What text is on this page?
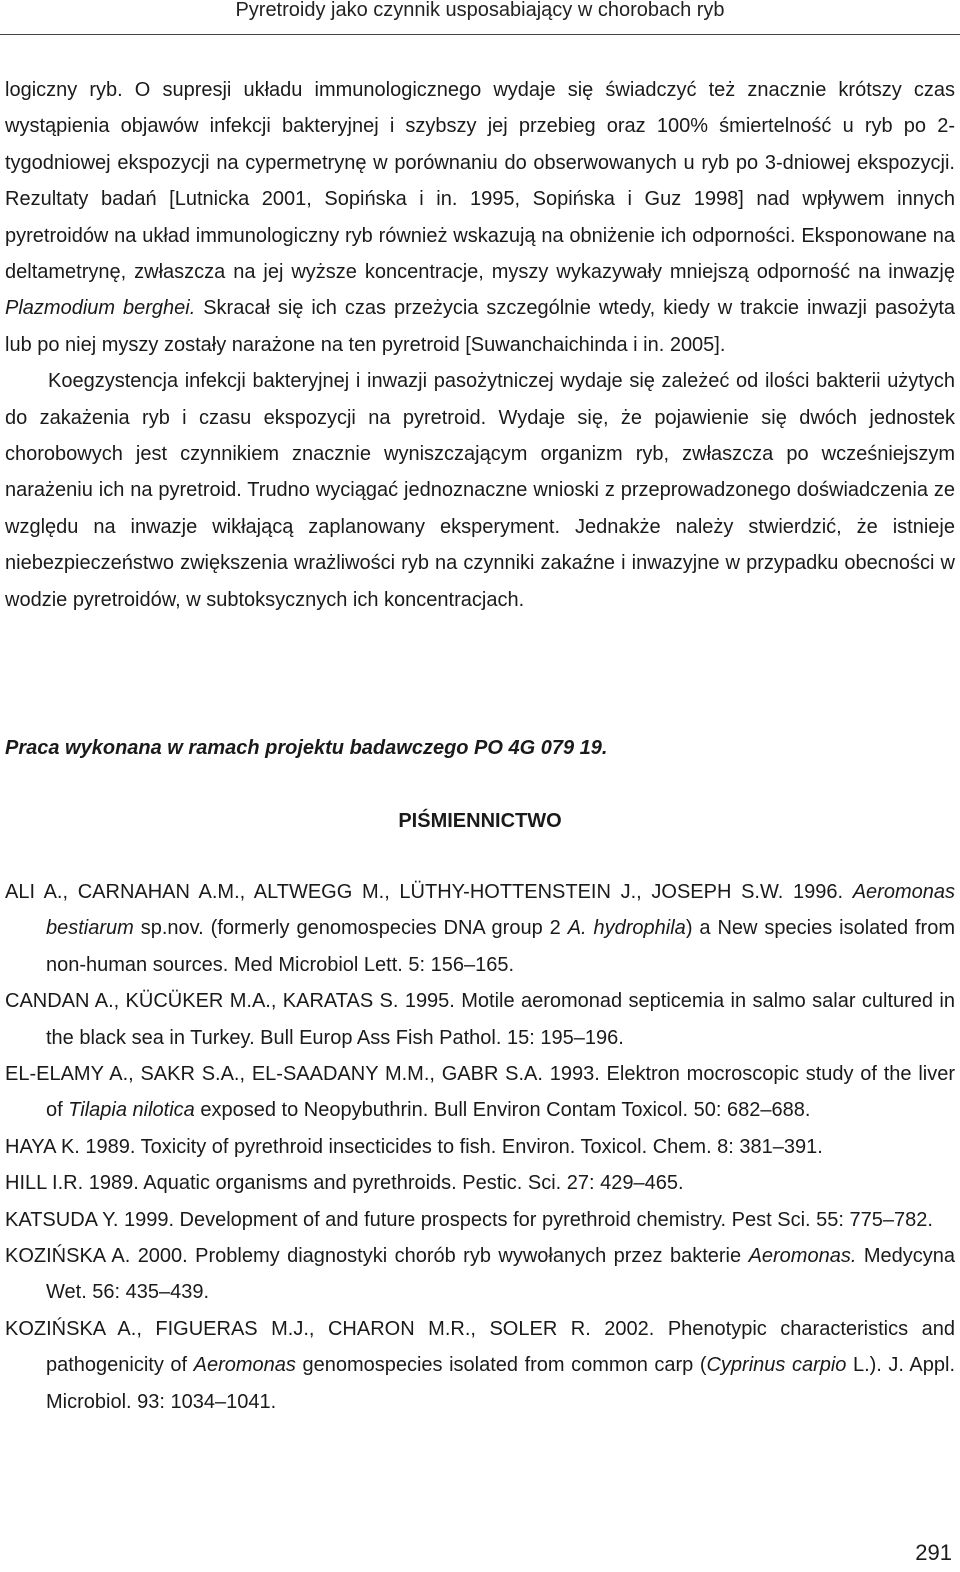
Pyretroidy jako czynnik usposabiający w chorobach ryb

logiczny ryb. O supresji układu immunologicznego wydaje się świadczyć też znacznie krótszy czas wystąpienia objawów infekcji bakteryjnej i szybszy jej przebieg oraz 100% śmiertelność u ryb po 2-tygodniowej ekspozycji na cypermetrynę w porównaniu do obserwowanych u ryb po 3-dniowej ekspozycji. Rezultaty badań [Lutnicka 2001, Sopińska i in. 1995, Sopińska i Guz 1998] nad wpływem innych pyretroidów na układ immunologiczny ryb również wskazują na obniżenie ich odporności. Eksponowane na deltametrynę, zwłaszcza na jej wyższe koncentracje, myszy wykazywały mniejszą odporność na inwazję Plazmodium berghei. Skracał się ich czas przeżycia szczególnie wtedy, kiedy w trakcie inwazji pasożyta lub po niej myszy zostały narażone na ten pyretroid [Suwanchaichinda i in. 2005].

Koegzystencja infekcji bakteryjnej i inwazji pasożytniczej wydaje się zależeć od ilości bakterii użytych do zakażenia ryb i czasu ekspozycji na pyretroid. Wydaje się, że pojawienie się dwóch jednostek chorobowych jest czynnikiem znacznie wyniszczającym organizm ryb, zwłaszcza po wcześniejszym narażeniu ich na pyretroid. Trudno wyciągać jednoznaczne wnioski z przeprowadzonego doświadczenia ze względu na inwazje wikłającą zaplanowany eksperyment. Jednakże należy stwierdzić, że istnieje niebezpieczeństwo zwiększenia wrażliwości ryb na czynniki zakaźne i inwazyjne w przypadku obecności w wodzie pyretroidów, w subtoksycznych ich koncentracjach.

Praca wykonana w ramach projektu badawczego PO 4G 079 19.
PIŚMIENNICTWO
ALI A., CARNAHAN A.M., ALTWEGG M., LÜTHY-HOTTENSTEIN J., JOSEPH S.W. 1996. Aeromonas bestiarum sp.nov. (formerly genomospecies DNA group 2 A. hydrophila) a New species isolated from non-human sources. Med Microbiol Lett. 5: 156–165.
CANDAN A., KÜCÜKER M.A., KARATAS S. 1995. Motile aeromonad septicemia in salmo salar cultured in the black sea in Turkey. Bull Europ Ass Fish Pathol. 15: 195–196.
EL-ELAMY A., SAKR S.A., EL-SAADANY M.M., GABR S.A. 1993. Elektron mocroscopic study of the liver of Tilapia nilotica exposed to Neopybuthrin. Bull Environ Contam Toxicol. 50: 682–688.
HAYA K. 1989. Toxicity of pyrethroid insecticides to fish. Environ. Toxicol. Chem. 8: 381–391.
HILL I.R. 1989. Aquatic organisms and pyrethroids. Pestic. Sci. 27: 429–465.
KATSUDA Y. 1999. Development of and future prospects for pyrethroid chemistry. Pest Sci. 55: 775–782.
KOZIŃSKA A. 2000. Problemy diagnostyki chorób ryb wywołanych przez bakterie Aeromonas. Medycyna Wet. 56: 435–439.
KOZIŃSKA A., FIGUERAS M.J., CHARON M.R., SOLER R. 2002. Phenotypic characteristics and pathogenicity of Aeromonas genomospecies isolated from common carp (Cyprinus carpio L.). J. Appl. Microbiol. 93: 1034–1041.
291
